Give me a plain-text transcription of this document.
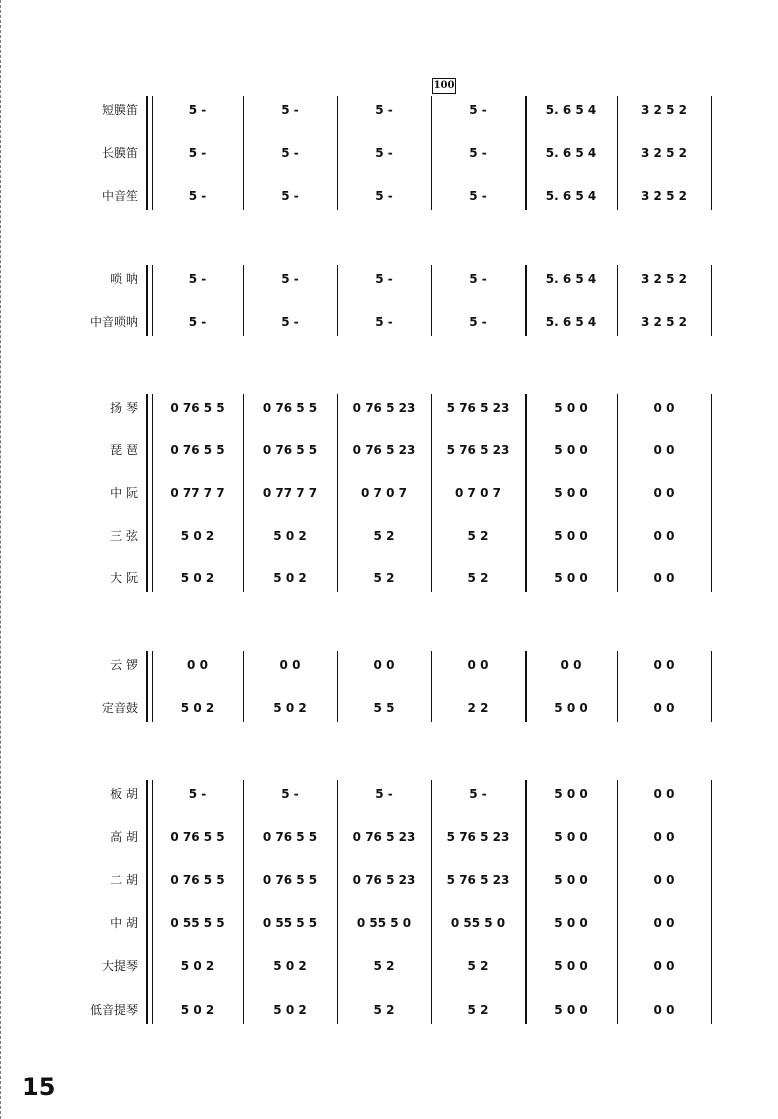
100
短膜笛	5 -	5 -	5 -	5 -	5. 6 5 4	3 2 5 2
长膜笛	5 -	5 -	5 -	5 -	5. 6 5 4	3 2 5 2
中音笙	5 -	5 -	5 -	5 -	5. 6 5 4	3 2 5 2
唢 呐	5 -	5 -	5 -	5 -	5. 6 5 4	3 2 5 2
中音唢呐	5 -	5 -	5 -	5 -	5. 6 5 4	3 2 5 2
扬 琴	0 76 5 5	0 76 5 5	0 76 5 23	5 76 5 23	5 0 0	0 0
琵 琶	0 76 5 5	0 76 5 5	0 76 5 23	5 76 5 23	5 0 0	0 0
中 阮	0 77 7 7	0 77 7 7	0 7 0 7	0 7 0 7	5 0 0	0 0
三 弦	5 0 2	5 0 2	5 2	5 2	5 0 0	0 0
大 阮	5 0 2	5 0 2	5 2	5 2	5 0 0	0 0
云 锣	0 0	0 0	0 0	0 0	0 0	0 0
定音鼓	5 0 2	5 0 2	5 5	2 2	5 0 0	0 0
板 胡	5 -	5 -	5 -	5 -	5 0 0	0 0
高 胡	0 76 5 5	0 76 5 5	0 76 5 23	5 76 5 23	5 0 0	0 0
二 胡	0 76 5 5	0 76 5 5	0 76 5 23	5 76 5 23	5 0 0	0 0
中 胡	0 55 5 5	0 55 5 5	0 55 5 0	0 55 5 0	5 0 0	0 0
大提琴	5 0 2	5 0 2	5 2	5 2	5 0 0	0 0
低音提琴	5 0 2	5 0 2	5 2	5 2	5 0 0	0 0
15
